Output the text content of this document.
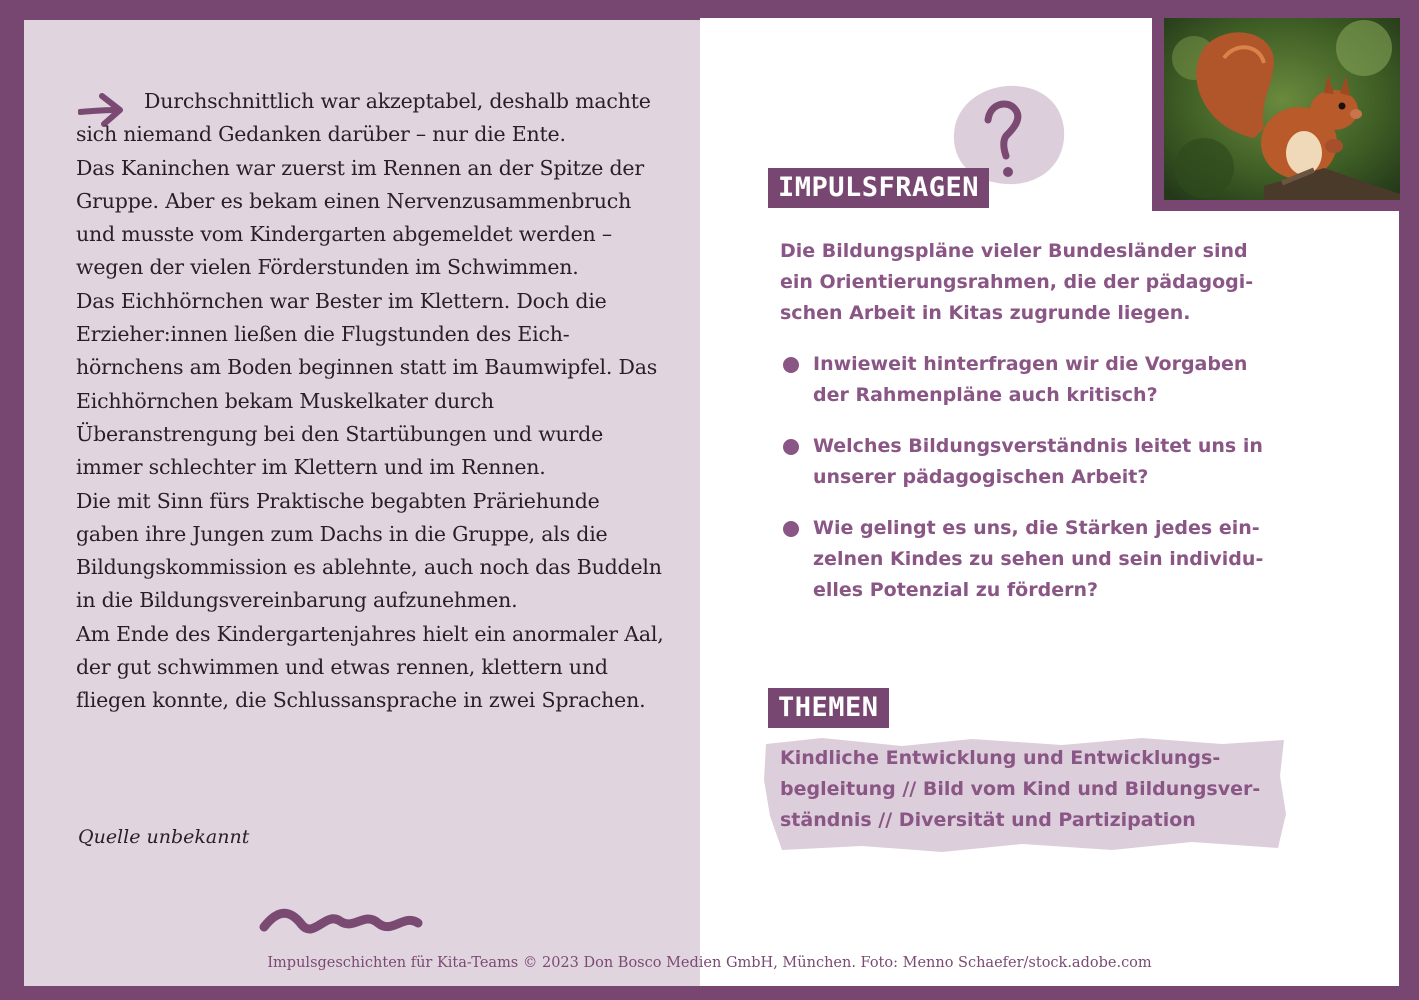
Durchschnittlich war akzeptabel, deshalb machte sich niemand Gedanken darüber – nur die Ente.

Das Kaninchen war zuerst im Rennen an der Spitze der Gruppe. Aber es bekam einen Nervenzusammenbruch und musste vom Kindergarten abgemeldet werden – wegen der vielen Förderstunden im Schwimmen.

Das Eichhörnchen war Bester im Klettern. Doch die Erzieher:innen ließen die Flugstunden des Eichhörnchens am Boden beginnen statt im Baumwipfel. Das Eichhörnchen bekam Muskelkater durch Überanstrengung bei den Startübungen und wurde immer schlechter im Klettern und im Rennen.

Die mit Sinn fürs Praktische begabten Präriehunde gaben ihre Jungen zum Dachs in die Gruppe, als die Bildungskommission es ablehnte, auch noch das Buddeln in die Bildungsvereinbarung aufzunehmen.

Am Ende des Kindergartenjahres hielt ein anormaler Aal, der gut schwimmen und etwas rennen, klettern und fliegen konnte, die Schlussansprache in zwei Sprachen.

Quelle unbekannt
IMPULSFRAGEN
Die Bildungspläne vieler Bundesländer sind ein Orientierungsrahmen, die der pädagogischen Arbeit in Kitas zugrunde liegen.
Inwieweit hinterfragen wir die Vorgaben der Rahmenpläne auch kritisch?
Welches Bildungsverständnis leitet uns in unserer pädagogischen Arbeit?
Wie gelingt es uns, die Stärken jedes einzelnen Kindes zu sehen und sein individuelles Potenzial zu fördern?
THEMEN
Kindliche Entwicklung und Entwicklungsbegleitung // Bild vom Kind und Bildungsverständnis // Diversität und Partizipation
Impulsgeschichten für Kita-Teams © 2023 Don Bosco Medien GmbH, München. Foto: Menno Schaefer/stock.adobe.com
